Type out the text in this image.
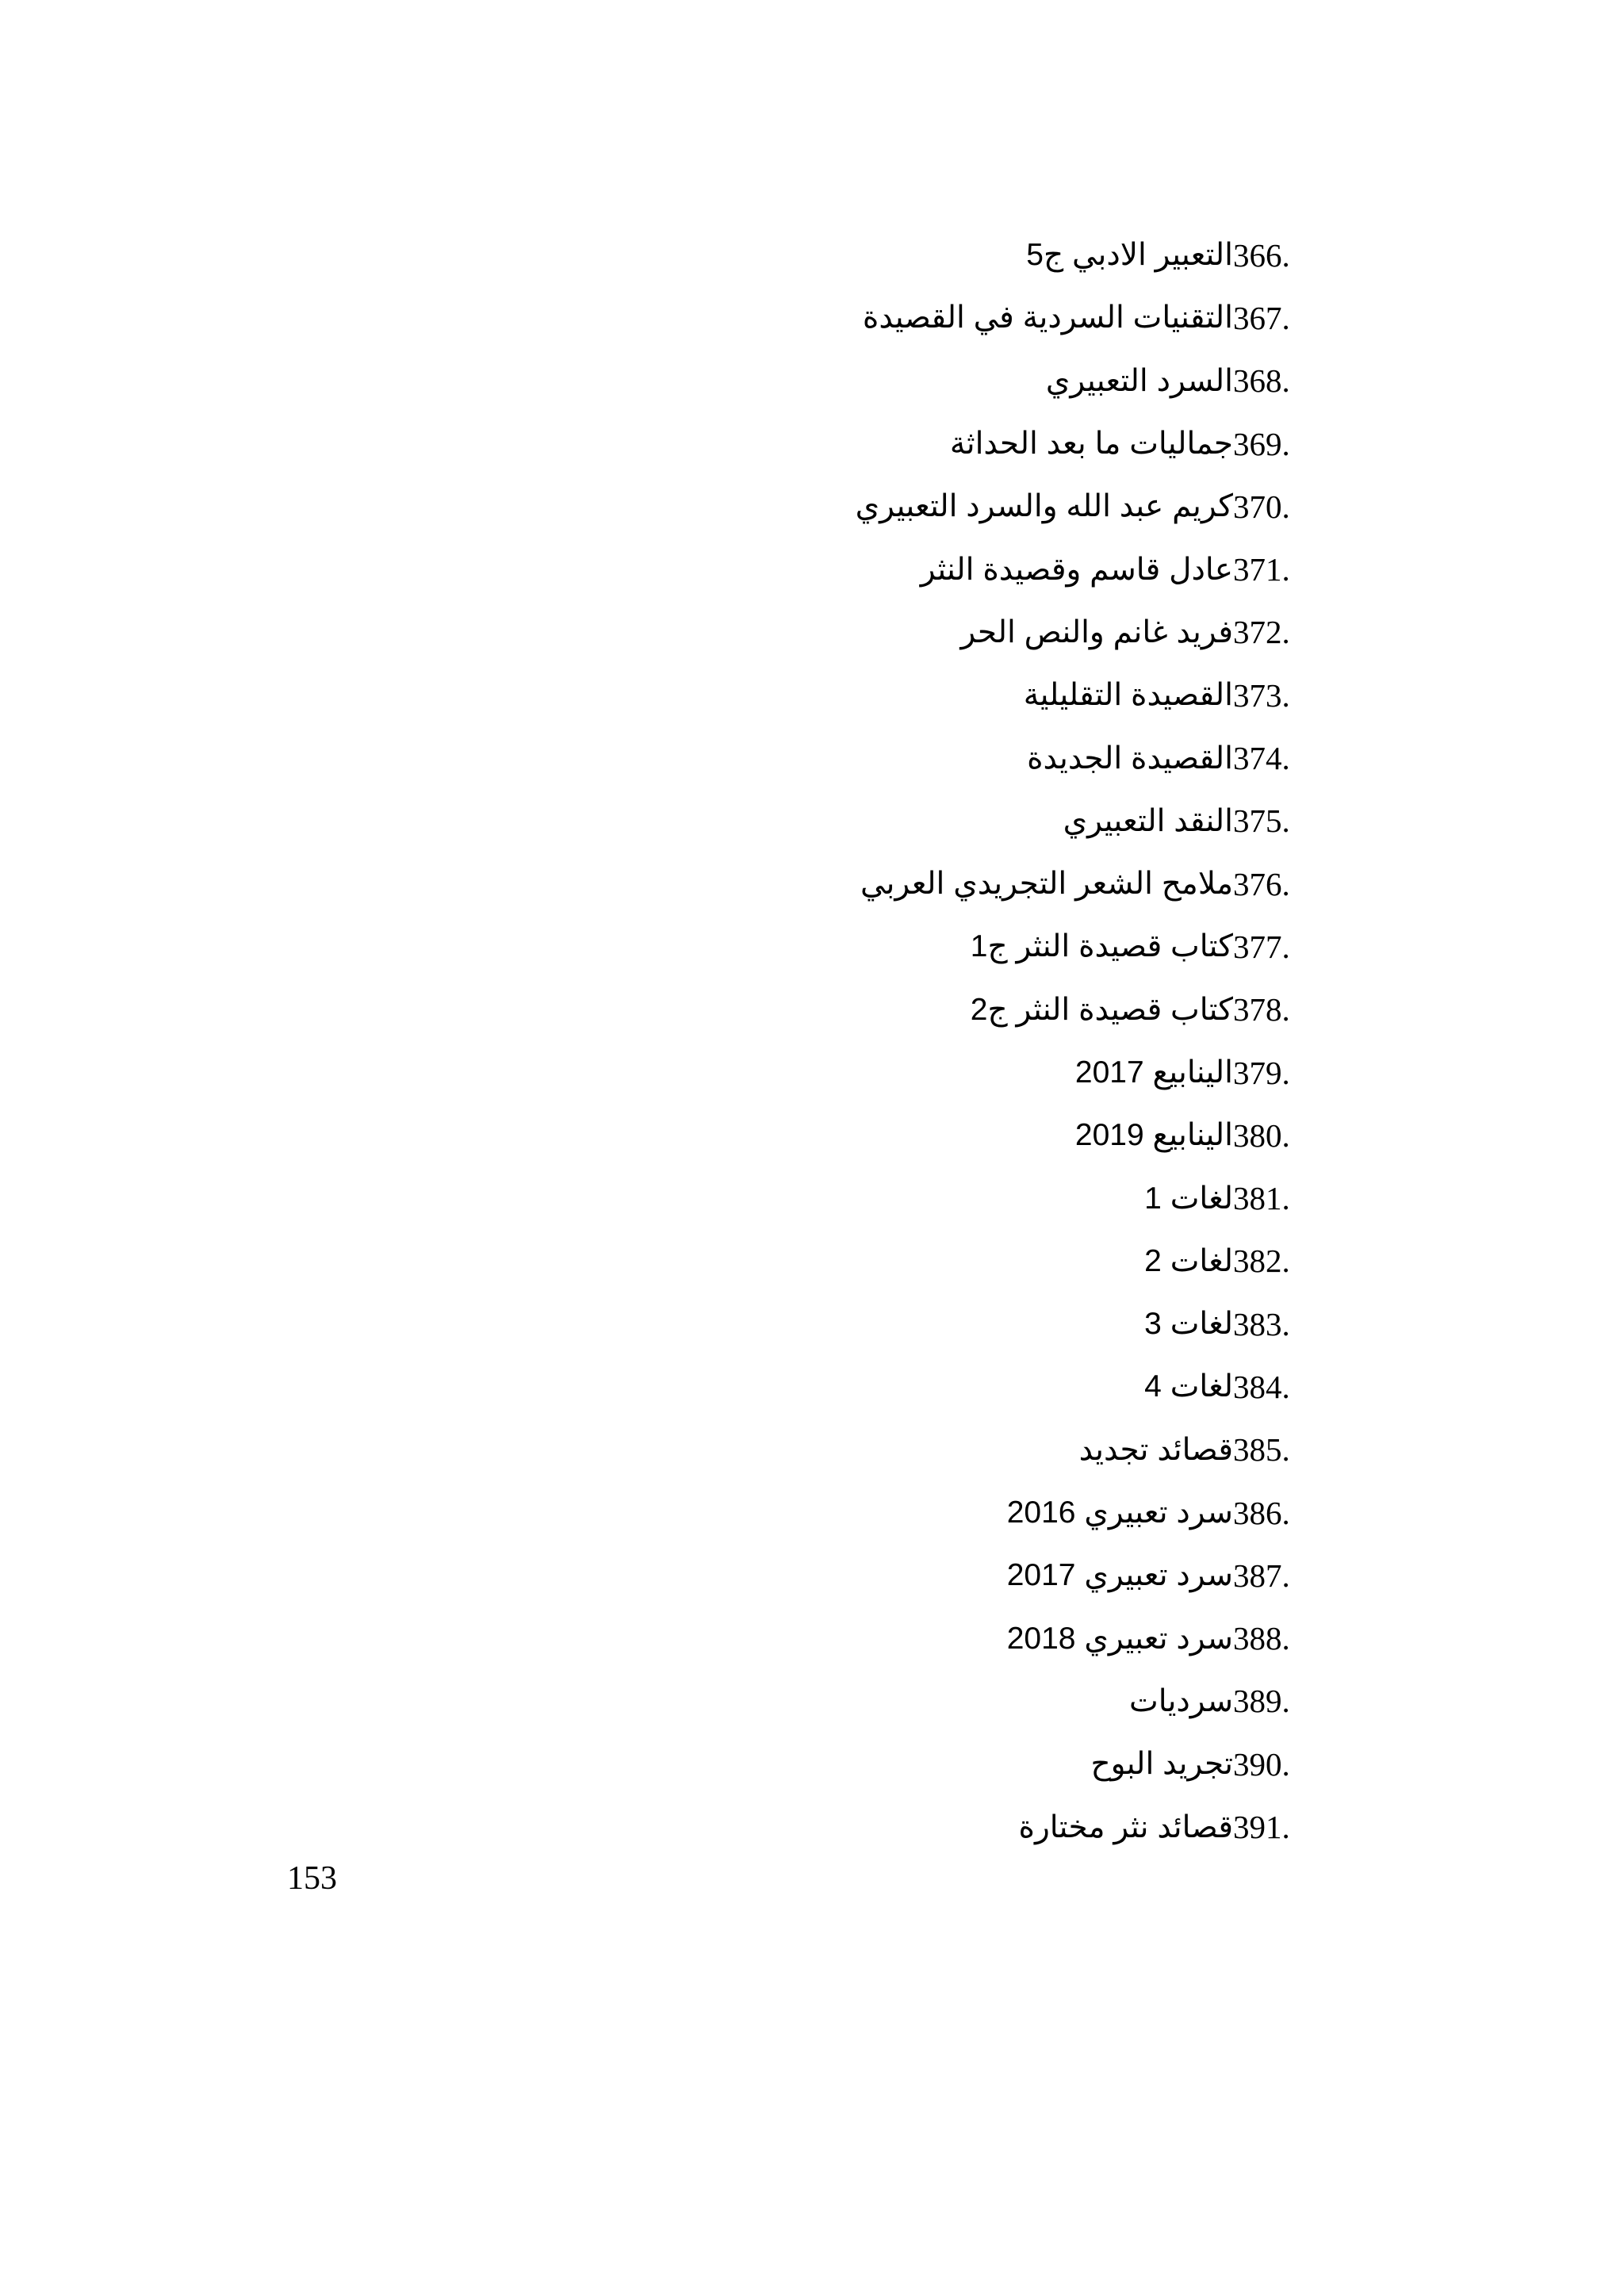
366.
التعبير الادبي ج5
367.
التقنيات السردية في القصيدة
368.
السرد التعبيري
369.
جماليات ما بعد الحداثة
370.
كريم عبد الله والسرد التعبيري
371.
عادل قاسم وقصيدة النثر
372.
فريد غانم والنص الحر
373.
القصيدة التقليلية
374.
القصيدة الجديدة
375.
النقد التعبيري
376.
ملامح الشعر التجريدي العربي
377.
كتاب قصيدة النثر ج1
378.
كتاب قصيدة النثر ج2
379.
الينابيع 2017
380.
الينابيع 2019
381.
لغات 1
382.
لغات 2
383.
لغات 3
384.
لغات 4
385.
قصائد تجديد
386.
سرد تعبيري 2016
387.
سرد تعبيري 2017
388.
سرد تعبيري 2018
389.
سرديات
390.
تجريد البوح
391.
قصائد نثر مختارة
153
